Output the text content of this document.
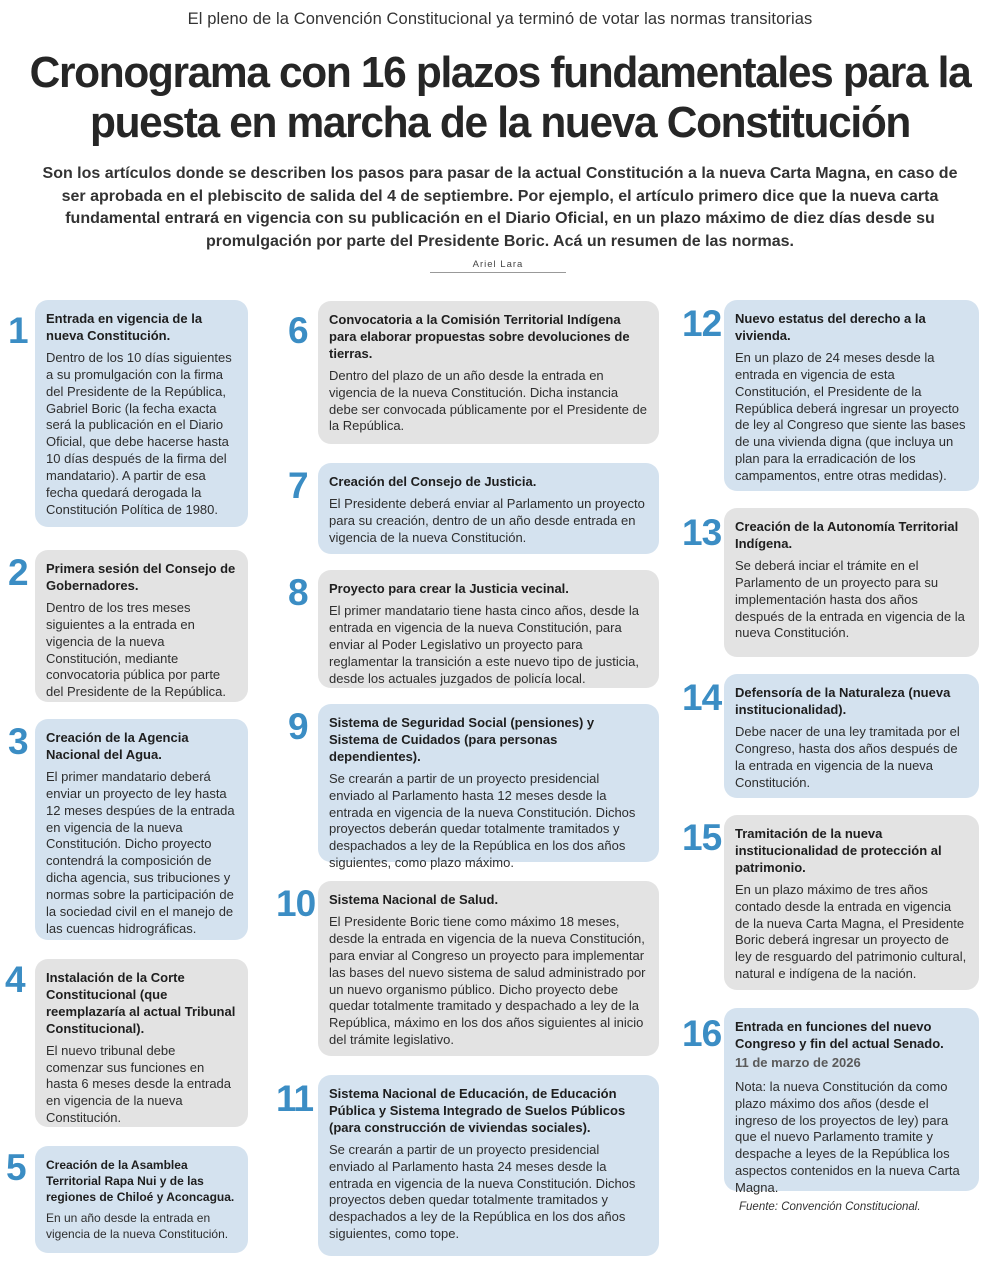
El pleno de la Convención Constitucional ya terminó de votar las normas transitorias
Cronograma con 16 plazos fundamentales para la
puesta en marcha de la nueva Constitución
Son los artículos donde se describen los pasos para pasar de la actual Constitución a la nueva Carta Magna, en caso de ser aprobada en el plebiscito de salida del 4 de septiembre. Por ejemplo, el artículo primero dice que la nueva carta fundamental entrará en vigencia con su publicación en el Diario Oficial, en un plazo máximo de diez días desde su promulgación por parte del Presidente Boric. Acá un resumen de las normas.
Ariel Lara
1 Entrada en vigencia de la nueva Constitución.
Dentro de los 10 días siguientes a su promulgación con la firma del Presidente de la República, Gabriel Boric (la fecha exacta será la publicación en el Diario Oficial, que debe hacerse hasta 10 días después de la firma del mandatario). A partir de esa fecha quedará derogada la Constitución Política de 1980.
2 Primera sesión del Consejo de Gobernadores.
Dentro de los tres meses siguientes a la entrada en vigencia de la nueva Constitución, mediante convocatoria pública por parte del Presidente de la República.
3 Creación de la Agencia Nacional del Agua.
El primer mandatario deberá enviar un proyecto de ley hasta 12 meses despúes de la entrada en vigencia de la nueva Constitución. Dicho proyecto contendrá la composición de dicha agencia, sus tribuciones y normas sobre la participación de la sociedad civil en el manejo de las cuencas hidrográficas.
4 Instalación de la Corte Constitucional (que reemplazaría al actual Tribunal Constitucional).
El nuevo tribunal debe comenzar sus funciones en hasta 6 meses desde la entrada en vigencia de la nueva Constitución.
5 Creación de la Asamblea Territorial Rapa Nui y de las regiones de Chiloé y Aconcagua.
En un año desde la entrada en vigencia de la nueva Constitución.
6 Convocatoria a la Comisión Territorial Indígena para elaborar propuestas sobre devoluciones de tierras.
Dentro del plazo de un año desde la entrada en vigencia de la nueva Constitución. Dicha instancia debe ser convocada públicamente por el Presidente de la República.
7 Creación del Consejo de Justicia.
El Presidente deberá enviar al Parlamento un proyecto para su creación, dentro de un año desde entrada en vigencia de la nueva Constitución.
8 Proyecto para crear la Justicia vecinal.
El primer mandatario tiene hasta cinco años, desde la entrada en vigencia de la nueva Constitución, para enviar al Poder Legislativo un proyecto para reglamentar la transición a este nuevo tipo de justicia, desde los actuales juzgados de policía local.
9 Sistema de Seguridad Social (pensiones) y Sistema de Cuidados (para personas dependientes).
Se crearán a partir de un proyecto presidencial enviado al Parlamento hasta 12 meses desde la entrada en vigencia de la nueva Constitución. Dichos proyectos deberán quedar totalmente tramitados y despachados a ley de la República en los dos años siguientes, como plazo máximo.
10 Sistema Nacional de Salud.
El Presidente Boric tiene como máximo 18 meses, desde la entrada en vigencia de la nueva Constitución, para enviar al Congreso un proyecto para implementar las bases del nuevo sistema de salud administrado por un nuevo organismo público. Dicho proyecto debe quedar totalmente tramitado y despachado a ley de la República, máximo en los dos años siguientes al inicio del trámite legislativo.
11 Sistema Nacional de Educación, de Educación Pública y Sistema Integrado de Suelos Públicos (para construcción de viviendas sociales).
Se crearán a partir de un proyecto presidencial enviado al Parlamento hasta 24 meses desde la entrada en vigencia de la nueva Constitución. Dichos proyectos deben quedar totalmente tramitados y despachados a ley de la República en los dos años siguientes, como tope.
12 Nuevo estatus del derecho a la vivienda.
En un plazo de 24 meses desde la entrada en vigencia de esta Constitución, el Presidente de la República deberá ingresar un proyecto de ley al Congreso que siente las bases de una vivienda digna (que incluya un plan para la erradicación de los campamentos, entre otras medidas).
13 Creación de la Autonomía Territorial Indígena.
Se deberá inciar el trámite en el Parlamento de un proyecto para su implementación hasta dos años después de la entrada en vigencia de la nueva Constitución.
14 Defensoría de la Naturaleza (nueva institucionalidad).
Debe nacer de una ley tramitada por el Congreso, hasta dos años después de la entrada en vigencia de la nueva Constitución.
15 Tramitación de la nueva institucionalidad de protección al patrimonio.
En un plazo máximo de tres años contado desde la entrada en vigencia de la nueva Carta Magna, el Presidente Boric deberá ingresar un proyecto de ley de resguardo del patrimonio cultural, natural e indígena de la nación.
16 Entrada en funciones del nuevo Congreso y fin del actual Senado.
11 de marzo de 2026
Nota: la nueva Constitución da como plazo máximo dos años (desde el ingreso de los proyectos de ley) para que el nuevo Parlamento tramite y despache a leyes de la República los aspectos contenidos en la nueva Carta Magna.
Fuente: Convención Constitucional.
